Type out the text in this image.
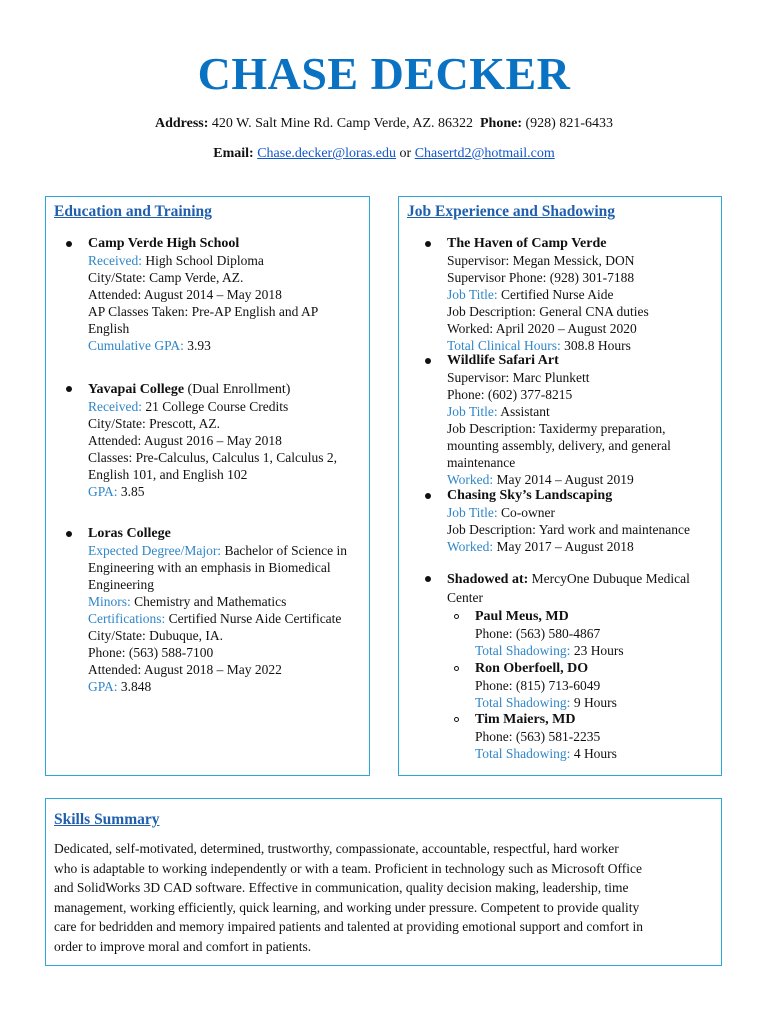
CHASE DECKER
Address: 420 W. Salt Mine Rd. Camp Verde, AZ. 86322 Phone: (928) 821-6433
Email: Chase.decker@loras.edu or Chasertd2@hotmail.com
Education and Training
Camp Verde High School
Received: High School Diploma
City/State: Camp Verde, AZ.
Attended: August 2014 – May 2018
AP Classes Taken: Pre-AP English and AP
English
Cumulative GPA: 3.93
Yavapai College (Dual Enrollment)
Received: 21 College Course Credits
City/State: Prescott, AZ.
Attended: August 2016 – May 2018
Classes: Pre-Calculus, Calculus 1, Calculus 2,
English 101, and English 102
GPA: 3.85
Loras College
Expected Degree/Major: Bachelor of Science in
Engineering with an emphasis in Biomedical
Engineering
Minors: Chemistry and Mathematics
Certifications: Certified Nurse Aide Certificate
City/State: Dubuque, IA.
Phone: (563) 588-7100
Attended: August 2018 – May 2022
GPA: 3.848
Job Experience and Shadowing
The Haven of Camp Verde
Supervisor: Megan Messick, DON
Supervisor Phone: (928) 301-7188
Job Title: Certified Nurse Aide
Job Description: General CNA duties
Worked: April 2020 – August 2020
Total Clinical Hours: 308.8 Hours
Wildlife Safari Art
Supervisor: Marc Plunkett
Phone: (602) 377-8215
Job Title: Assistant
Job Description: Taxidermy preparation,
mounting assembly, delivery, and general
maintenance
Worked: May 2014 – August 2019
Chasing Sky’s Landscaping
Job Title: Co-owner
Job Description: Yard work and maintenance
Worked: May 2017 – August 2018
Shadowed at: MercyOne Dubuque Medical
Center
Paul Meus, MD
Phone: (563) 580-4867
Total Shadowing: 23 Hours
Ron Oberfoell, DO
Phone: (815) 713-6049
Total Shadowing: 9 Hours
Tim Maiers, MD
Phone: (563) 581-2235
Total Shadowing: 4 Hours
Skills Summary
Dedicated, self-motivated, determined, trustworthy, compassionate, accountable, respectful, hard worker
who is adaptable to working independently or with a team. Proficient in technology such as Microsoft Office
and SolidWorks 3D CAD software. Effective in communication, quality decision making, leadership, time
management, working efficiently, quick learning, and working under pressure. Competent to provide quality
care for bedridden and memory impaired patients and talented at providing emotional support and comfort in
order to improve moral and comfort in patients.
